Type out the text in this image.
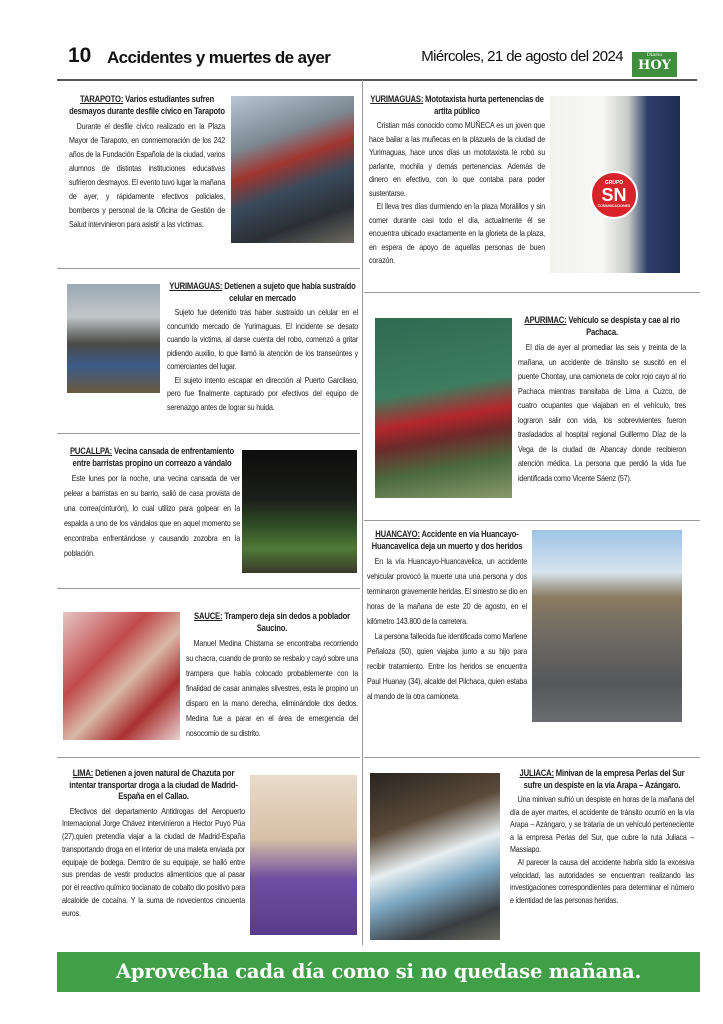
10 Accidentes y muertes de ayer	Miércoles, 21 de agosto del 2024	Diario
HOY
TARAPOTO: Varios estudiantes sufren desmayos durante desfile cívico en Tarapoto

Durante el desfile cívico realizado en la Plaza Mayor de Tarapoto, en conmemoración de los 242 años de la Fundación Española de la ciudad, varios alumnos de distintas instituciones educativas sufrieron desmayos. El evento tuvo lugar la mañana de ayer, y rápidamente efectivos policiales, bomberos y personal de la Oficina de Gestión de Salud intervinieron para asistir a las víctimas.

YURIMAGUAS: Mototaxista hurta pertenencias de artita público

Cristian más conocido como MUÑECA es un joven que hace bailar a las muñecas en la plazuela de la ciudad de Yurimaguas, hace unos días un mototaxista le robó su parlante, mochila y demás pertenencias. Además de dinero en efectivo, con lo que contaba para poder sustentarse.

El lleva tres días durmiendo en la plaza Moralillos y sin comer durante casi todo el día, actualmente él se encuentra ubicado exactamente en la glorieta de la plaza, en espera de apoyo de aquellas personas de buen corazón.

GRUPO
SN
COMUNICACIONES
YURIMAGUAS: Detienen a sujeto que había sustraído celular en mercado

Sujeto fue detenido tras haber sustraído un celular en el concurrido mercado de Yurimaguas. El incidente se desato cuando la victima, al darse cuenta del robo, comenzó a gritar pidiendo auxilio, lo que llamó la atención de los transeúntes y comerciantes del lugar.

El sujeto intento escapar en dirección al Puerto Garcilaso, pero fue finalmente capturado por efectivos del equipo de serenazgo antes de lograr su huida.

APURIMAC: Vehículo se despista y cae al rio Pachaca.

El día de ayer al promediar las seis y treinta de la mañana, un accidente de tránsito se suscitó en el puente Chontay, una camioneta de color rojo cayo al rio Pachaca mientras transitaba de Lima a Cuzco, de cuatro ocupantes que viajaban en el vehículo, tres lograron salir con vida, los sobrevivientes fueron trasladados al hospital regional Guillermo Díaz de la Vega de la ciudad de Abancay donde recibieron atención médica. La persona que perdió la vida fue identificada como Vicente Sáenz (57).

PUCALLPA: Vecina cansada de enfrentamiento entre barristas propino un correazo a vándalo

Este lunes por la noche, una vecina cansada de ver pelear a barristas en su barrio, salió de casa provista de una correa(cinturón), lo cual utilizo para golpear en la espalda a uno de los vándalos que en aquel momento se encontraba enfrentándose y causando zozobra en la población.

HUANCAYO: Accidente en vía Huancayo-Huancavelica deja un muerto y dos heridos

En la vía Huancayo-Huancavelica, un accidente vehicular provocó la muerte una una persona y dos terminaron gravemente heridas. El siniestro se dio en horas de la mañana de este 20 de agosto, en el kilómetro 143.800 de la carretera.

La persona fallecida fue identificada como Marlene Peñaloza (50), quien viajaba junto a su hijo para recibir tratamiento. Entre los heridos se encuentra Paul Huanay (34), alcalde del Pilchaca, quien estaba al mando de la otra camioneta.

SAUCE: Trampero deja sin dedos a poblador Saucino.

Manuel Medina Chistama se encontraba recorriendo su chacra, cuando de pronto se resbalo y cayó sobre una trampera que había colocado probablemente con la finalidad de casar animales silvestres, esta le propino un disparo en la mano derecha, eliminándole dos dedos. Medina fue a parar en el área de emergencia del nosocomio de su distrito.

LIMA: Detienen a joven natural de Chazuta por intentar transportar droga a la ciudad de Madrid-España en el Callao.

Efectivos del departamento Antidrogas del Aeropuerto Internacional Jorge Chávez intervinieron a Hector Puyo Púa (27),quien pretendía viajar a la ciudad de Madrid-España transportando droga en el interior de una maleta enviada por equipaje de bodega. Demtro de su equipaje, se halló entre sus prendas de vestir productos alimenticios que al pasar por el reactivo químico tiocianato de cobalto dio positivo para alcaloide de cocaína. Y la suma de novecientos cincuenta euros.

JULIACA: Minivan de la empresa Perlas del Sur sufre un despiste en la vía Arapa – Azángaro.

Una minivan sufrió un despiste en horas de la mañana del día de ayer martes, el accidente de tránsito ocurrió en la vía Arapa – Azángaro, y se trataría de un vehículo perteneciente a la empresa Perlas del Sur, que cubre la ruta Juliaca – Massiapo.

Al parecer la causa del accidente habría sido la excesiva velocidad, las autoridades se encuentran realizando las investigaciones correspondientes para determinar el número e identidad de las personas heridas.

Aprovecha cada día como si no quedase mañana.
